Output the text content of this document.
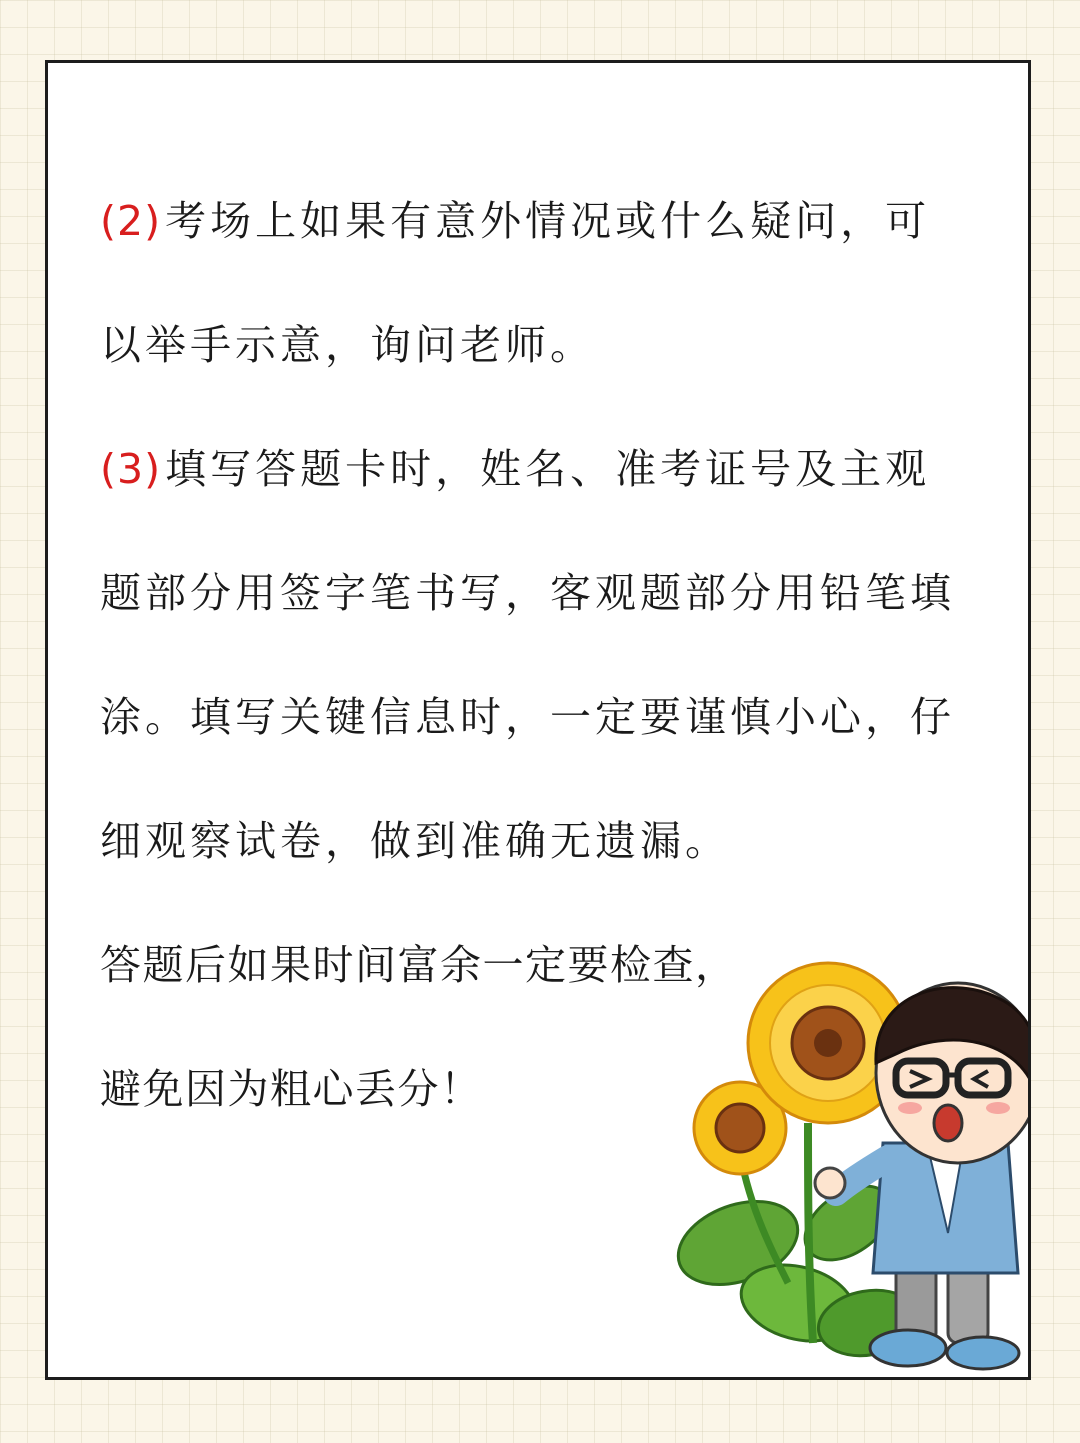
(2)考场上如果有意外情况或什么疑问，可

以举手示意，询问老师。

(3)填写答题卡时，姓名、准考证号及主观

题部分用签字笔书写，客观题部分用铅笔填

涂。填写关键信息时，一定要谨慎小心，仔

细观察试卷，做到准确无遗漏。

答题后如果时间富余一定要检查，

避免因为粗心丢分！
